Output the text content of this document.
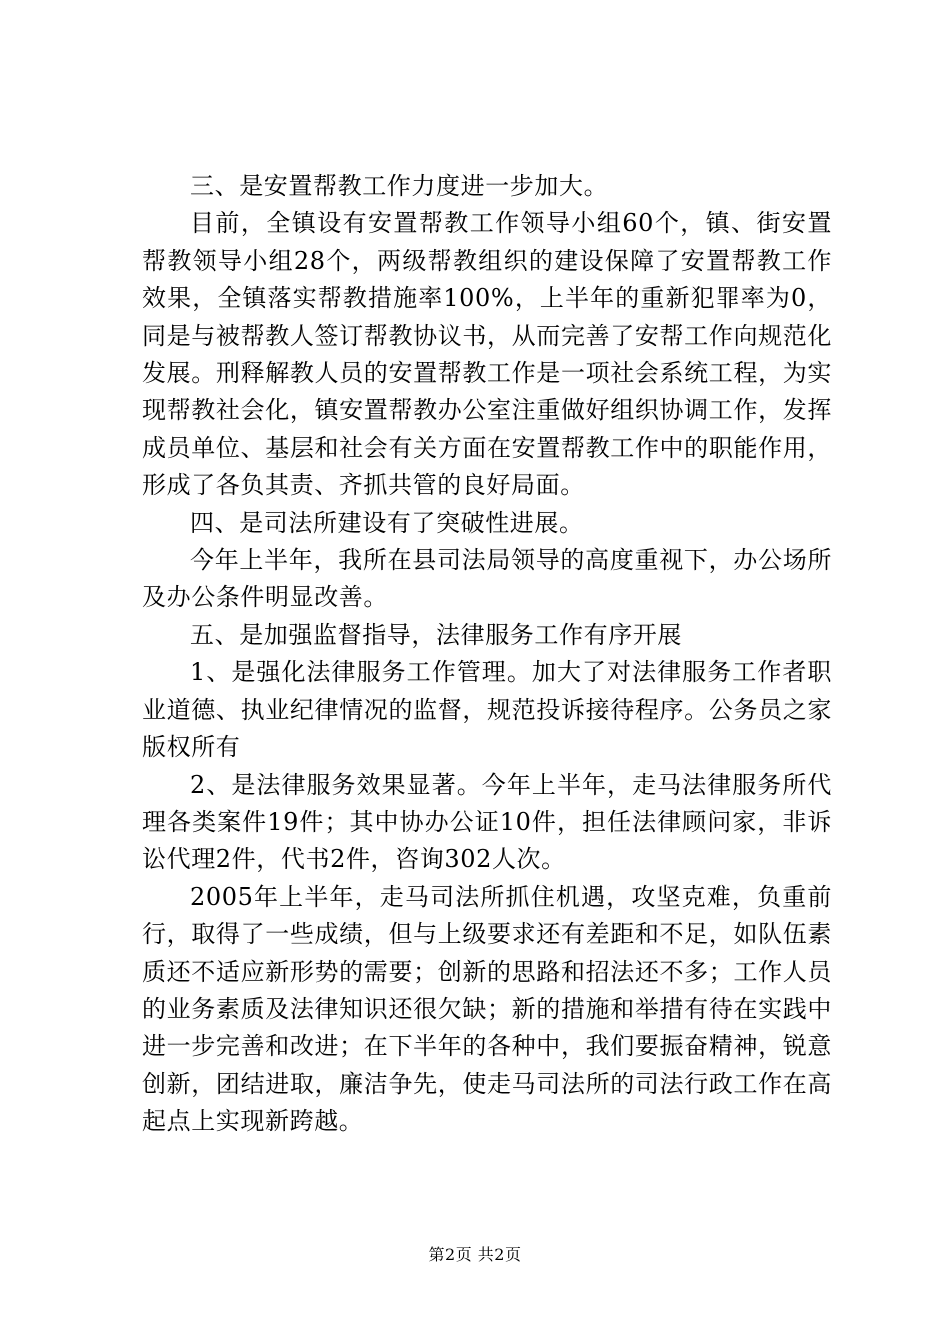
三、是安置帮教工作力度进一步加大。

目前，全镇设有安置帮教工作领导小组60个，镇、街安置帮教领导小组28个，两级帮教组织的建设保障了安置帮教工作效果，全镇落实帮教措施率100%，上半年的重新犯罪率为0，同是与被帮教人签订帮教协议书，从而完善了安帮工作向规范化发展。刑释解教人员的安置帮教工作是一项社会系统工程，为实现帮教社会化，镇安置帮教办公室注重做好组织协调工作，发挥成员单位、基层和社会有关方面在安置帮教工作中的职能作用，形成了各负其责、齐抓共管的良好局面。

四、是司法所建设有了突破性进展。

今年上半年，我所在县司法局领导的高度重视下，办公场所及办公条件明显改善。

五、是加强监督指导，法律服务工作有序开展

1、是强化法律服务工作管理。加大了对法律服务工作者职业道德、执业纪律情况的监督，规范投诉接待程序。公务员之家版权所有

2、是法律服务效果显著。今年上半年，走马法律服务所代理各类案件19件；其中协办公证10件，担任法律顾问家，非诉讼代理2件，代书2件，咨询302人次。

2005年上半年，走马司法所抓住机遇，攻坚克难，负重前行，取得了一些成绩，但与上级要求还有差距和不足，如队伍素质还不适应新形势的需要；创新的思路和招法还不多；工作人员的业务素质及法律知识还很欠缺；新的措施和举措有待在实践中进一步完善和改进；在下半年的各种中，我们要振奋精神，锐意创新，团结进取，廉洁争先，使走马司法所的司法行政工作在高起点上实现新跨越。

第2页 共2页
